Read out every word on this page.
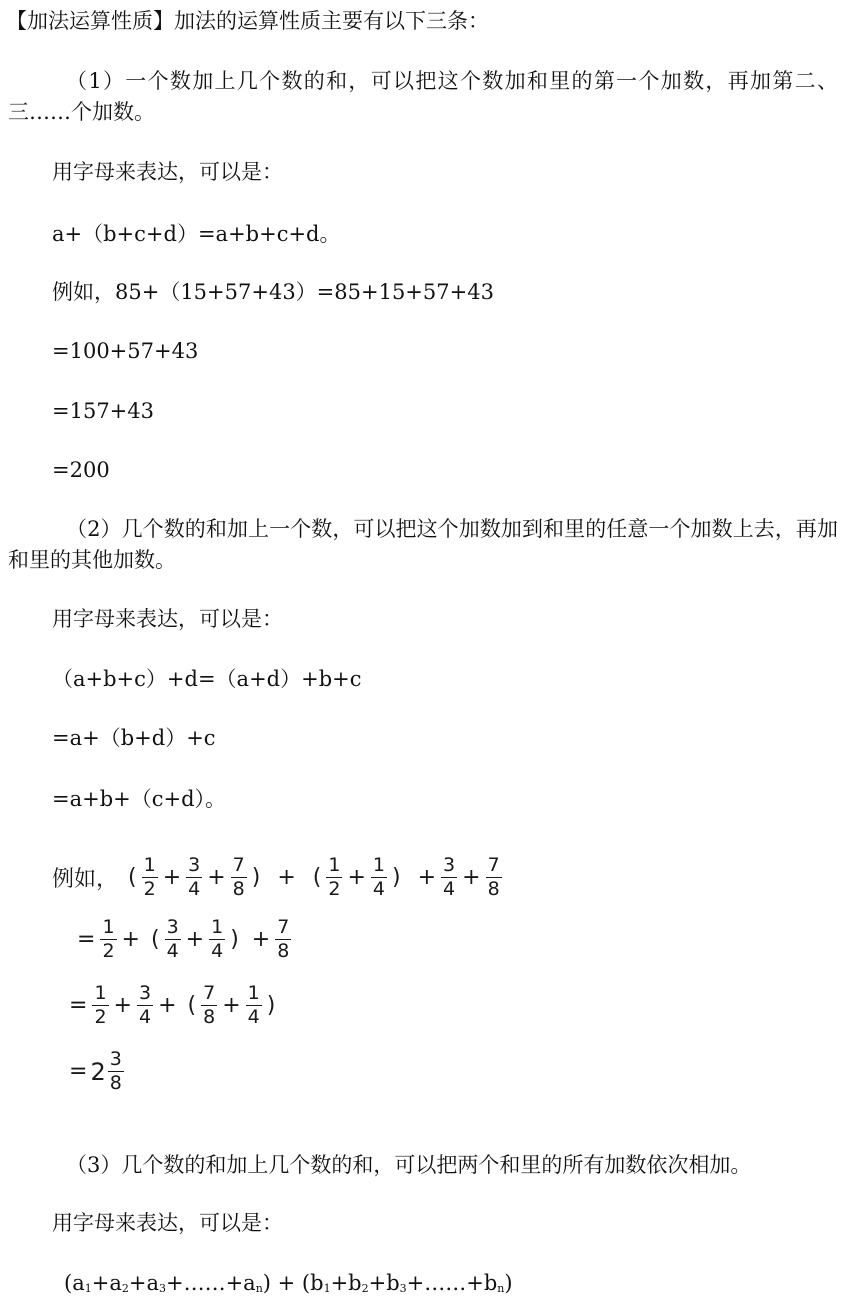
【加法运算性质】加法的运算性质主要有以下三条：

（1）一个数加上几个数的和，可以把这个数加和里的第一个加数，再加第二、三……个加数。

用字母来表达，可以是：
a+（b+c+d）=a+b+c+d。
例如，85+（15+57+43）=85+15+57+43
=100+57+43
=157+43
=200

（2）几个数的和加上一个数，可以把这个加数加到和里的任意一个加数上去，再加和里的其他加数。

用字母来表达，可以是：
（a+b+c）+d=（a+d）+b+c
=a+（b+d）+c
=a+b+（c+d）。
例如， ( $\frac{1}{2} + \frac{3}{4} + \frac{7}{8}$ ) + ( $\frac{1}{2} + \frac{1}{4}$ ) + $\frac{3}{4} + \frac{7}{8}$
= $\frac{1}{2}$ + ( $\frac{3}{4} + \frac{1}{4}$ ) + $\frac{7}{8}$
= $\frac{1}{2} + \frac{3}{4}$ + ( $\frac{7}{8} + \frac{1}{4}$ )
= $2 \frac{3}{8}$

（3）几个数的和加上几个数的和，可以把两个和里的所有加数依次相加。

用字母来表达，可以是：
$(a_1+a_2+a_3+\dots\dots+a_n)$ + $(b_1+b_2+b_3+\dots\dots+b_n)$
